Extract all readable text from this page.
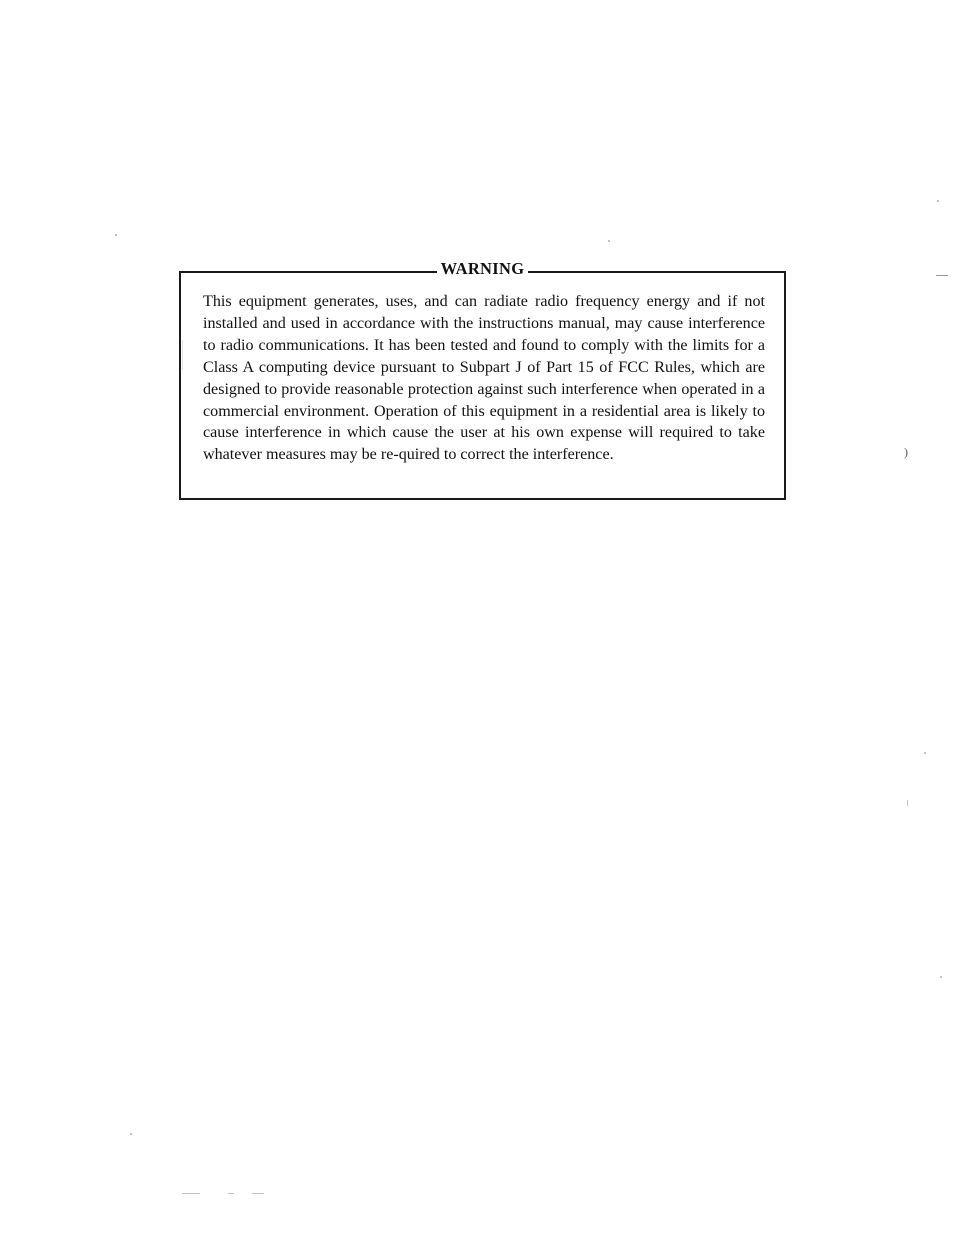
WARNING

This equipment generates, uses, and can radiate radio frequency energy and if not installed and used in accordance with the instructions manual, may cause interference to radio communications. It has been tested and found to comply with the limits for a Class A computing device pursuant to Subpart J of Part 15 of FCC Rules, which are designed to provide reasonable protection against such interference when operated in a commercial environment. Operation of this equipment in a residential area is likely to cause interference in which cause the user at his own expense will required to take whatever measures may be re-quired to correct the interference.

—
)
